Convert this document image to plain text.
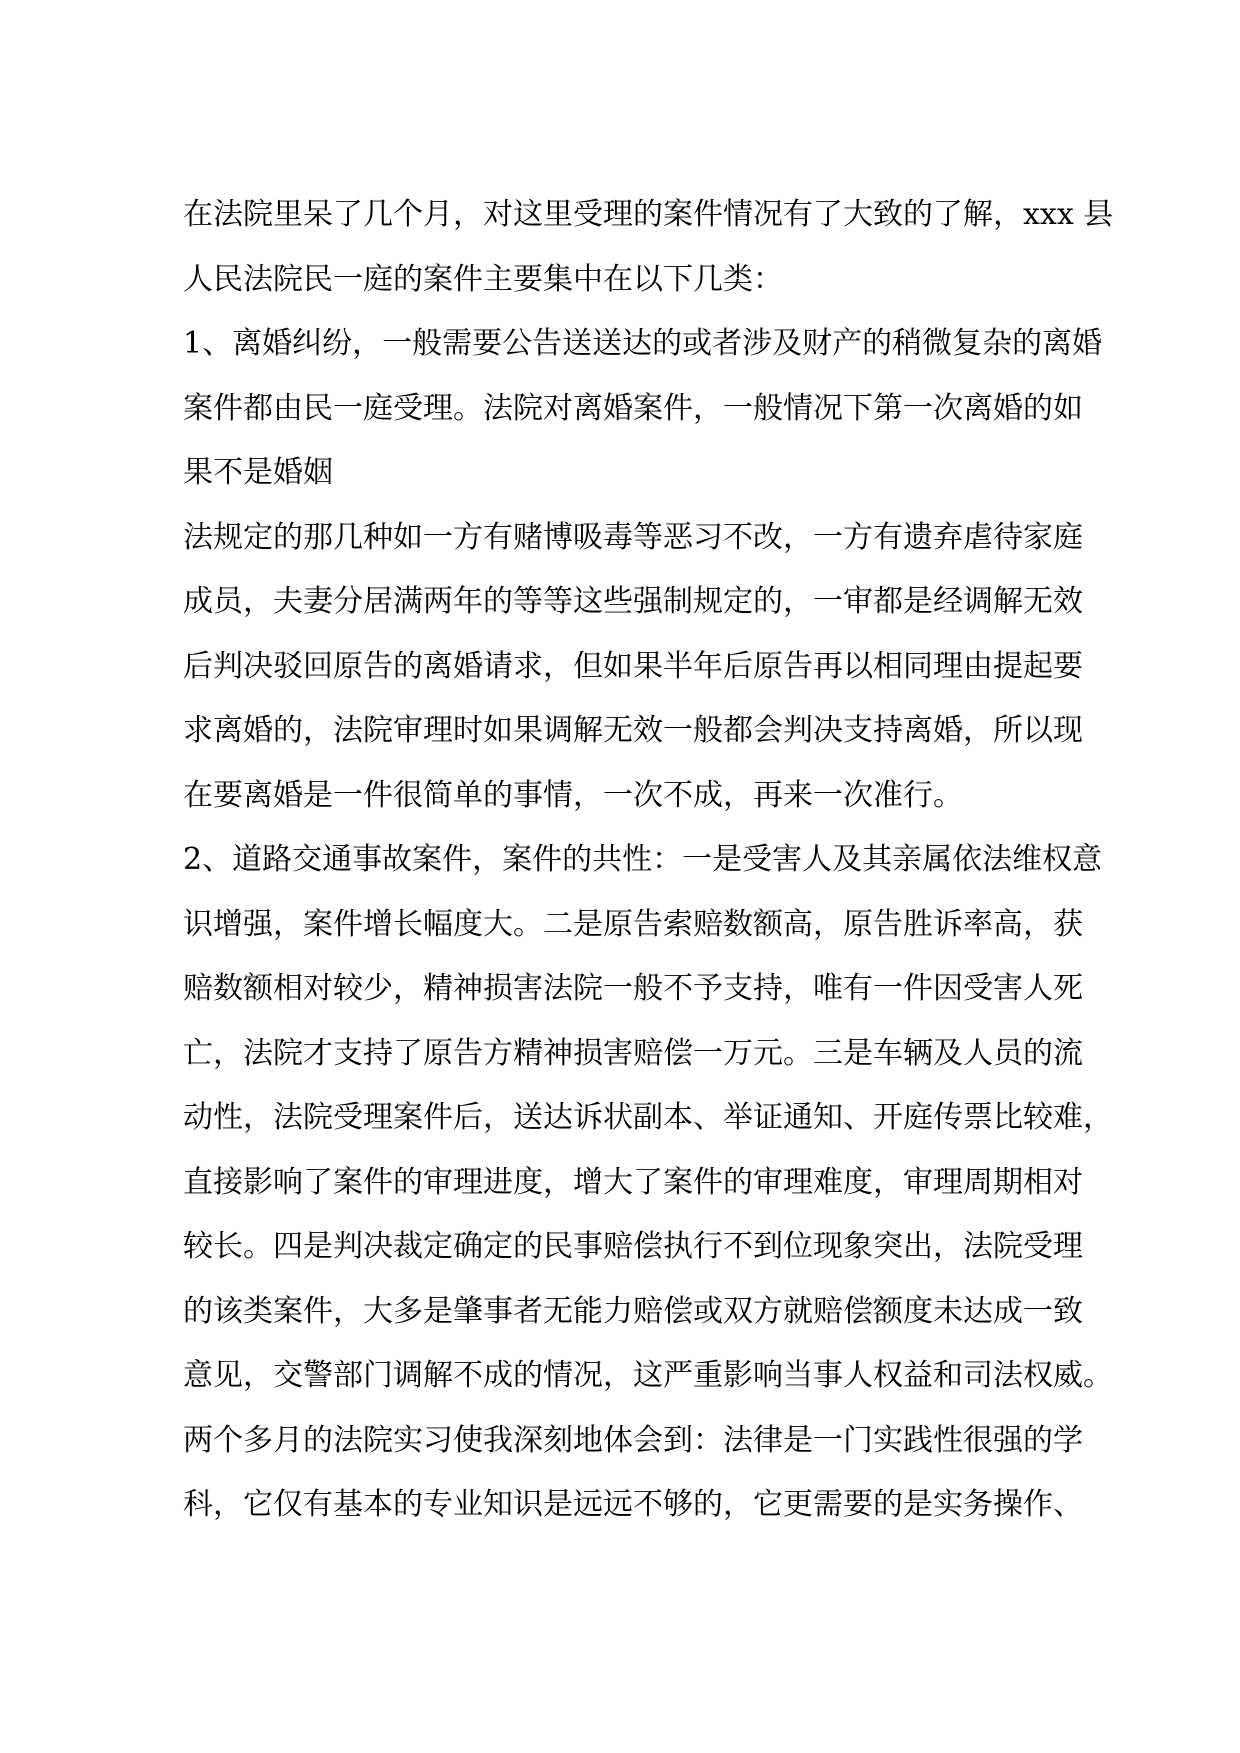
在法院里呆了几个月，对这里受理的案件情况有了大致的了解，xxx 县
人民法院民一庭的案件主要集中在以下几类：
1、离婚纠纷，一般需要公告送送达的或者涉及财产的稍微复杂的离婚
案件都由民一庭受理。法院对离婚案件，一般情况下第一次离婚的如
果不是婚姻
法规定的那几种如一方有赌博吸毒等恶习不改，一方有遗弃虐待家庭
成员，夫妻分居满两年的等等这些强制规定的，一审都是经调解无效
后判决驳回原告的离婚请求，但如果半年后原告再以相同理由提起要
求离婚的，法院审理时如果调解无效一般都会判决支持离婚，所以现
在要离婚是一件很简单的事情，一次不成，再来一次准行。
2、道路交通事故案件，案件的共性：一是受害人及其亲属依法维权意
识增强，案件增长幅度大。二是原告索赔数额高，原告胜诉率高，获
赔数额相对较少，精神损害法院一般不予支持，唯有一件因受害人死
亡，法院才支持了原告方精神损害赔偿一万元。三是车辆及人员的流
动性，法院受理案件后，送达诉状副本、举证通知、开庭传票比较难，
直接影响了案件的审理进度，增大了案件的审理难度，审理周期相对
较长。四是判决裁定确定的民事赔偿执行不到位现象突出，法院受理
的该类案件，大多是肇事者无能力赔偿或双方就赔偿额度未达成一致
意见，交警部门调解不成的情况，这严重影响当事人权益和司法权威。
两个多月的法院实习使我深刻地体会到：法律是一门实践性很强的学
科，它仅有基本的专业知识是远远不够的，它更需要的是实务操作、
